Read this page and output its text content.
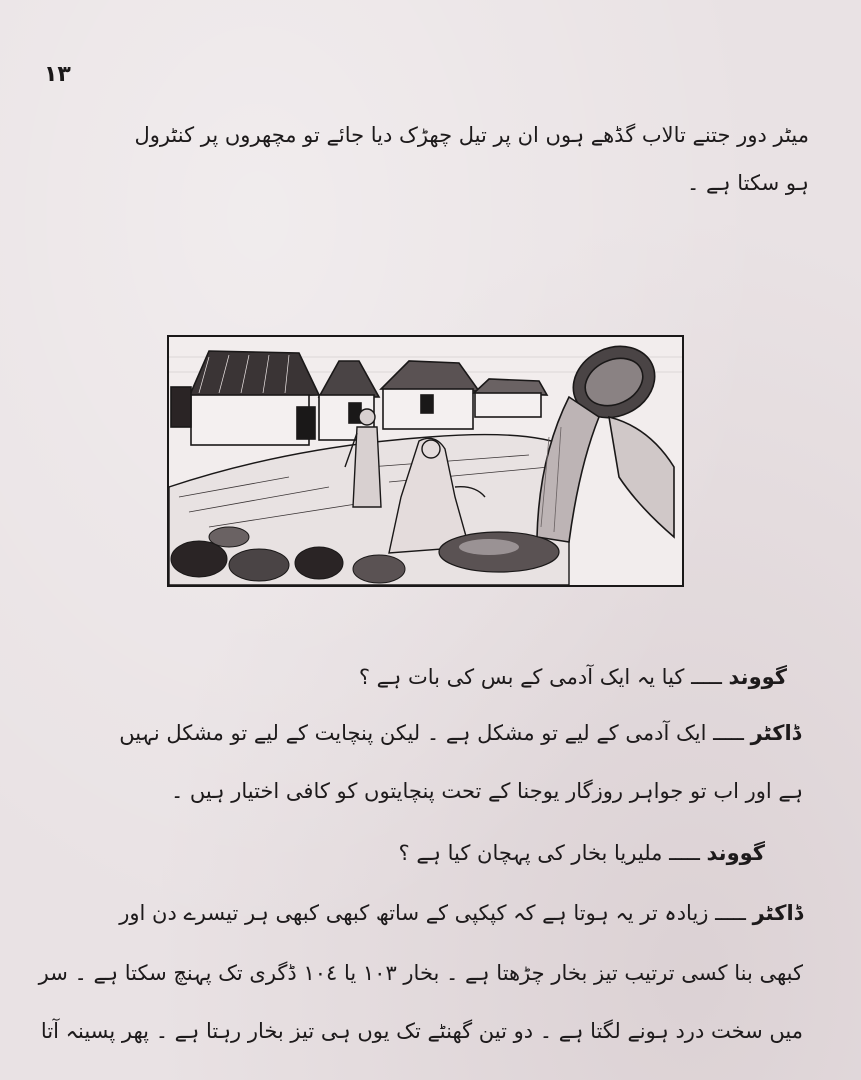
١٣
میٹر دور جتنے تالاب گڈھے ہوں ان پر تیل چھڑک دیا جائے تو مچھروں پر کنٹرول
ہو سکتا ہے ۔
گووند ـــــ کیا یہ ایک آدمی کے بس کی بات ہے ؟
ڈاکٹر ـــــ ایک آدمی کے لیے تو مشکل ہے ۔ لیکن پنچایت کے لیے تو مشکل نہیں
ہے اور اب تو جواہر روزگار یوجنا کے تحت پنچایتوں کو کافی اختیار ہیں ۔
گووند ـــــ ملیریا بخار کی پہچان کیا ہے ؟
ڈاکٹر ـــــ زیادہ تر یہ ہوتا ہے کہ کپکپی کے ساتھ کبھی کبھی ہر تیسرے دن اور
کبھی بنا کسی ترتیب تیز بخار چڑھتا ہے ۔ بخار ١٠٣ یا ١٠٤ ڈگری تک پہنچ سکتا ہے ۔ سر
میں سخت درد ہونے لگتا ہے ۔ دو تین گھنٹے تک یوں ہی تیز بخار رہتا ہے ۔ پھر پسینہ آتا
